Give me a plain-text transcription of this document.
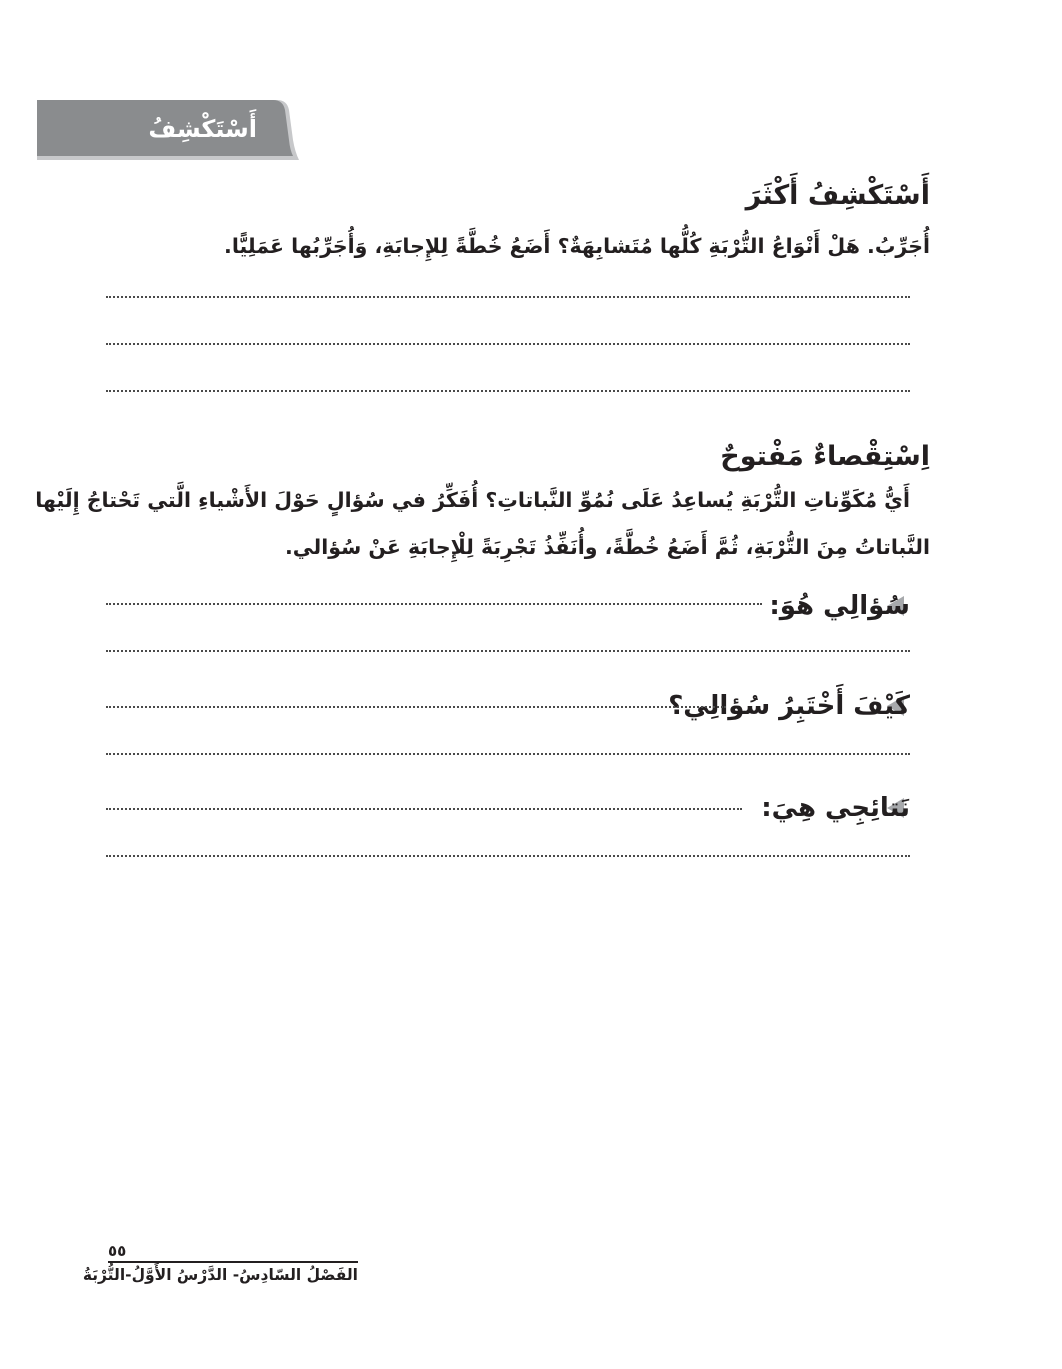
أَسْتَكْشِفُ
أَسْتَكْشِفُ أَكْثَرَ
أُجَرِّبُ. هَلْ أَنْوَاعُ التُّرْبَةِ كُلُّها مُتَشابِهَةٌ؟ أَضَعُ خُطَّةً لِلإِجابَةِ، وَأُجَرِّبُها عَمَلِيًّا.
اِسْتِقْصاءٌ مَفْتوحٌ
أَيُّ مُكَوِّناتِ التُّرْبَةِ يُساعِدُ عَلَى نُمُوِّ النَّباتاتِ؟ أُفَكِّرُ في سُؤالٍ حَوْلَ الأَشْياءِ الَّتي تَحْتاجُ إِلَيْها
النَّباتاتُ مِنَ التُّرْبَةِ، ثُمَّ أَضَعُ خُطَّةً، وأُنَفِّذُ تَجْرِبَةً لِلْإِجابَةِ عَنْ سُؤالي.
سُؤالِي هُوَ:
كَيْفَ أَخْتَبِرُ سُؤالِي؟
نَتائِجِي هِيَ:
٥٥
الفَصْلُ السّادِسُ- الدَّرْسُ الأَوَّلُ-التُّرْبَةُ
